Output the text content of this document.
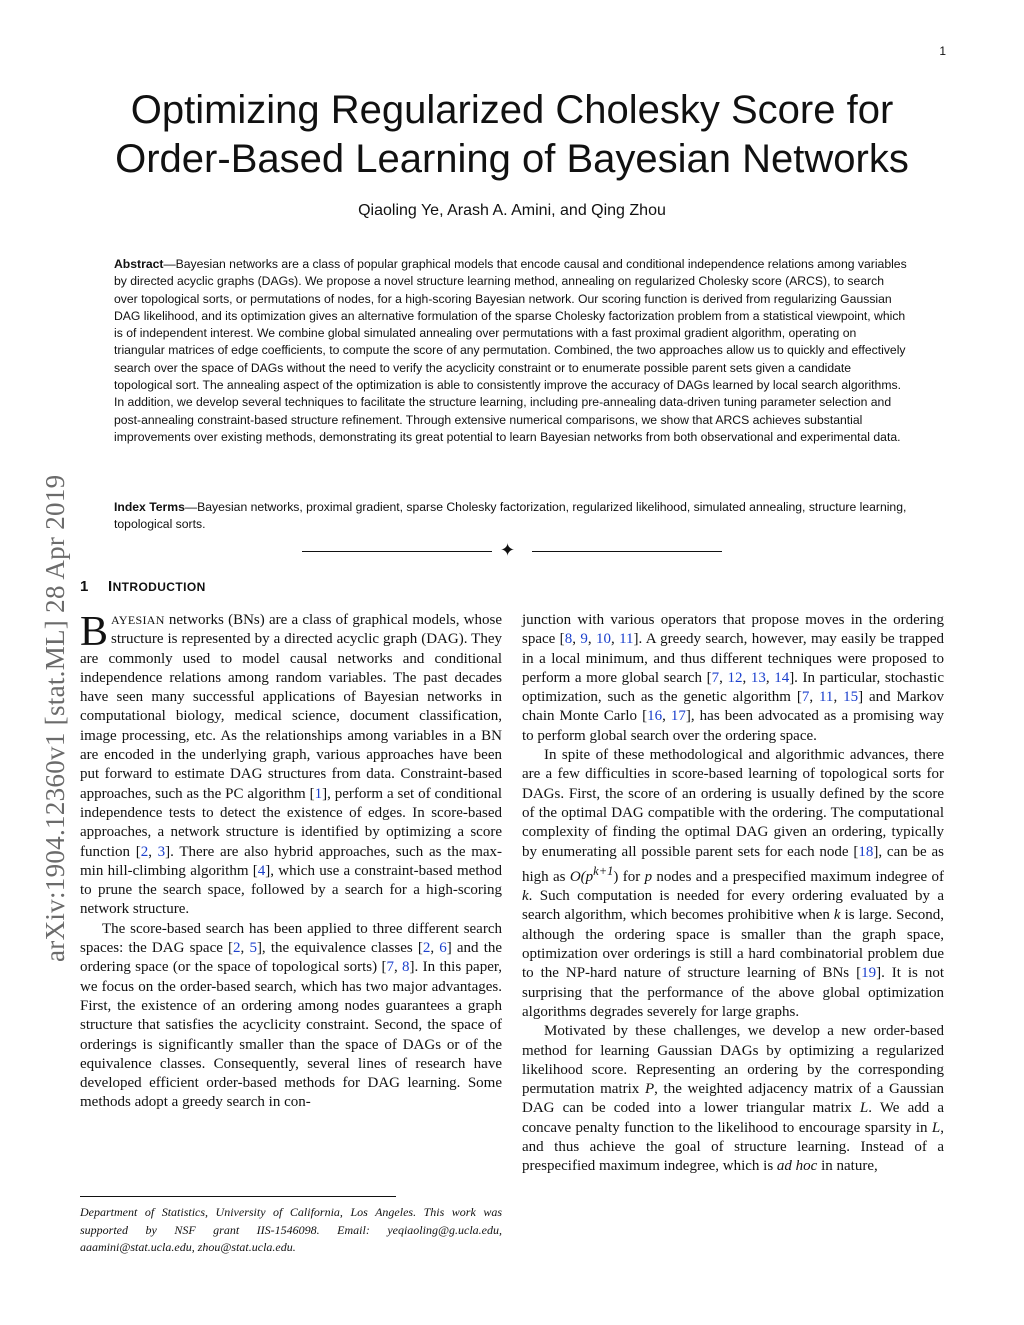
1
arXiv:1904.12360v1 [stat.ML] 28 Apr 2019
Optimizing Regularized Cholesky Score for
Order-Based Learning of Bayesian Networks
Qiaoling Ye, Arash A. Amini, and Qing Zhou
Abstract—Bayesian networks are a class of popular graphical models that encode causal and conditional independence relations among variables by directed acyclic graphs (DAGs). We propose a novel structure learning method, annealing on regularized Cholesky score (ARCS), to search over topological sorts, or permutations of nodes, for a high-scoring Bayesian network. Our scoring function is derived from regularizing Gaussian DAG likelihood, and its optimization gives an alternative formulation of the sparse Cholesky factorization problem from a statistical viewpoint, which is of independent interest. We combine global simulated annealing over permutations with a fast proximal gradient algorithm, operating on triangular matrices of edge coefficients, to compute the score of any permutation. Combined, the two approaches allow us to quickly and effectively search over the space of DAGs without the need to verify the acyclicity constraint or to enumerate possible parent sets given a candidate topological sort. The annealing aspect of the optimization is able to consistently improve the accuracy of DAGs learned by local search algorithms. In addition, we develop several techniques to facilitate the structure learning, including pre-annealing data-driven tuning parameter selection and post-annealing constraint-based structure refinement. Through extensive numerical comparisons, we show that ARCS achieves substantial improvements over existing methods, demonstrating its great potential to learn Bayesian networks from both observational and experimental data.
Index Terms—Bayesian networks, proximal gradient, sparse Cholesky factorization, regularized likelihood, simulated annealing, structure learning, topological sorts.
✦
1 INTRODUCTION

BAYESIAN networks (BNs) are a class of graphical models, whose structure is represented by a directed acyclic graph (DAG). They are commonly used to model causal networks and conditional independence relations among random variables. The past decades have seen many successful applications of Bayesian networks in computational biology, medical science, document classification, image processing, etc. As the relationships among variables in a BN are encoded in the underlying graph, various approaches have been put forward to estimate DAG structures from data. Constraint-based approaches, such as the PC algorithm [1], perform a set of conditional independence tests to detect the existence of edges. In score-based approaches, a network structure is identified by optimizing a score function [2, 3]. There are also hybrid approaches, such as the max-min hill-climbing algorithm [4], which use a constraint-based method to prune the search space, followed by a search for a high-scoring network structure.

The score-based search has been applied to three different search spaces: the DAG space [2, 5], the equivalence classes [2, 6] and the ordering space (or the space of topological sorts) [7, 8]. In this paper, we focus on the order-based search, which has two major advantages. First, the existence of an ordering among nodes guarantees a graph structure that satisfies the acyclicity constraint. Second, the space of orderings is significantly smaller than the space of DAGs or of the equivalence classes. Consequently, several lines of research have developed efficient order-based methods for DAG learning. Some methods adopt a greedy search in con-

junction with various operators that propose moves in the ordering space [8, 9, 10, 11]. A greedy search, however, may easily be trapped in a local minimum, and thus different techniques were proposed to perform a more global search [7, 12, 13, 14]. In particular, stochastic optimization, such as the genetic algorithm [7, 11, 15] and Markov chain Monte Carlo [16, 17], has been advocated as a promising way to perform global search over the ordering space.

In spite of these methodological and algorithmic advances, there are a few difficulties in score-based learning of topological sorts for DAGs. First, the score of an ordering is usually defined by the score of the optimal DAG compatible with the ordering. The computational complexity of finding the optimal DAG given an ordering, typically by enumerating all possible parent sets for each node [18], can be as high as $O(p^{k+1})$ for p nodes and a prespecified maximum indegree of k. Such computation is needed for every ordering evaluated by a search algorithm, which becomes prohibitive when k is large. Second, although the ordering space is smaller than the graph space, optimization over orderings is still a hard combinatorial problem due to the NP-hard nature of structure learning of BNs [19]. It is not surprising that the performance of the above global optimization algorithms degrades severely for large graphs.

Motivated by these challenges, we develop a new order-based method for learning Gaussian DAGs by optimizing a regularized likelihood score. Representing an ordering by the corresponding permutation matrix P, the weighted adjacency matrix of a Gaussian DAG can be coded into a lower triangular matrix L. We add a concave penalty function to the likelihood to encourage sparsity in L, and thus achieve the goal of structure learning. Instead of a prespecified maximum indegree, which is ad hoc in nature,

Department of Statistics, University of California, Los Angeles. This work was supported by NSF grant IIS-1546098. Email: yeqiaoling@g.ucla.edu, aaamini@stat.ucla.edu, zhou@stat.ucla.edu.
